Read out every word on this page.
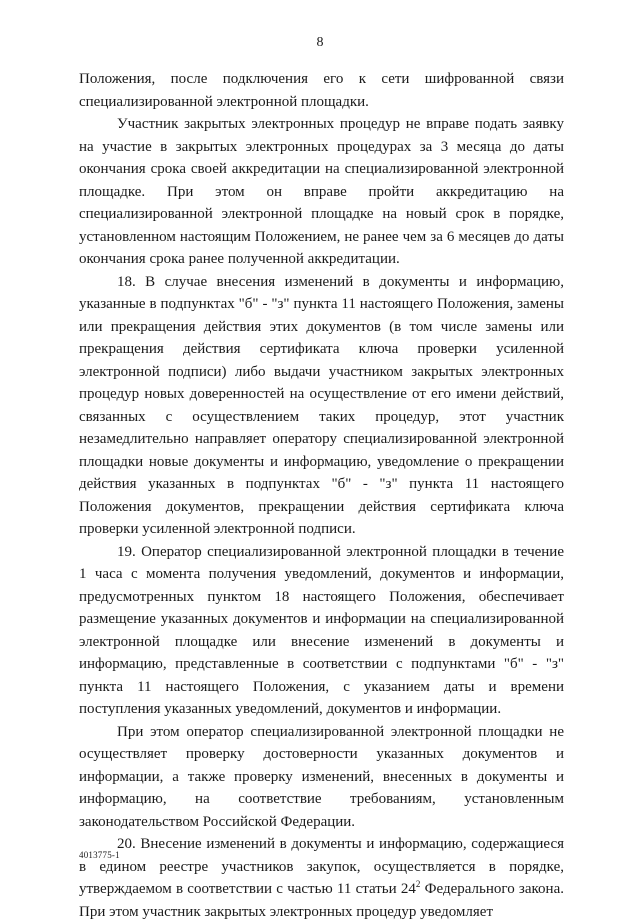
8

Положения, после подключения его к сети шифрованной связи специализированной электронной площадки.

Участник закрытых электронных процедур не вправе подать заявку на участие в закрытых электронных процедурах за 3 месяца до даты окончания срока своей аккредитации на специализированной электронной площадке. При этом он вправе пройти аккредитацию на специализированной электронной площадке на новый срок в порядке, установленном настоящим Положением, не ранее чем за 6 месяцев до даты окончания срока ранее полученной аккредитации.

18. В случае внесения изменений в документы и информацию, указанные в подпунктах "б" - "з" пункта 11 настоящего Положения, замены или прекращения действия этих документов (в том числе замены или прекращения действия сертификата ключа проверки усиленной электронной подписи) либо выдачи участником закрытых электронных процедур новых доверенностей на осуществление от его имени действий, связанных с осуществлением таких процедур, этот участник незамедлительно направляет оператору специализированной электронной площадки новые документы и информацию, уведомление о прекращении действия указанных в подпунктах "б" - "з" пункта 11 настоящего Положения документов, прекращении действия сертификата ключа проверки усиленной электронной подписи.

19. Оператор специализированной электронной площадки в течение 1 часа с момента получения уведомлений, документов и информации, предусмотренных пунктом 18 настоящего Положения, обеспечивает размещение указанных документов и информации на специализированной электронной площадке или внесение изменений в документы и информацию, представленные в соответствии с подпунктами "б" - "з" пункта 11 настоящего Положения, с указанием даты и времени поступления указанных уведомлений, документов и информации.

При этом оператор специализированной электронной площадки не осуществляет проверку достоверности указанных документов и информации, а также проверку изменений, внесенных в документы и информацию, на соответствие требованиям, установленным законодательством Российской Федерации.

20. Внесение изменений в документы и информацию, содержащиеся в едином реестре участников закупок, осуществляется в порядке, утверждаемом в соответствии с частью 11 статьи $24^2$ Федерального закона. При этом участник закрытых электронных процедур уведомляет

4013775-1
